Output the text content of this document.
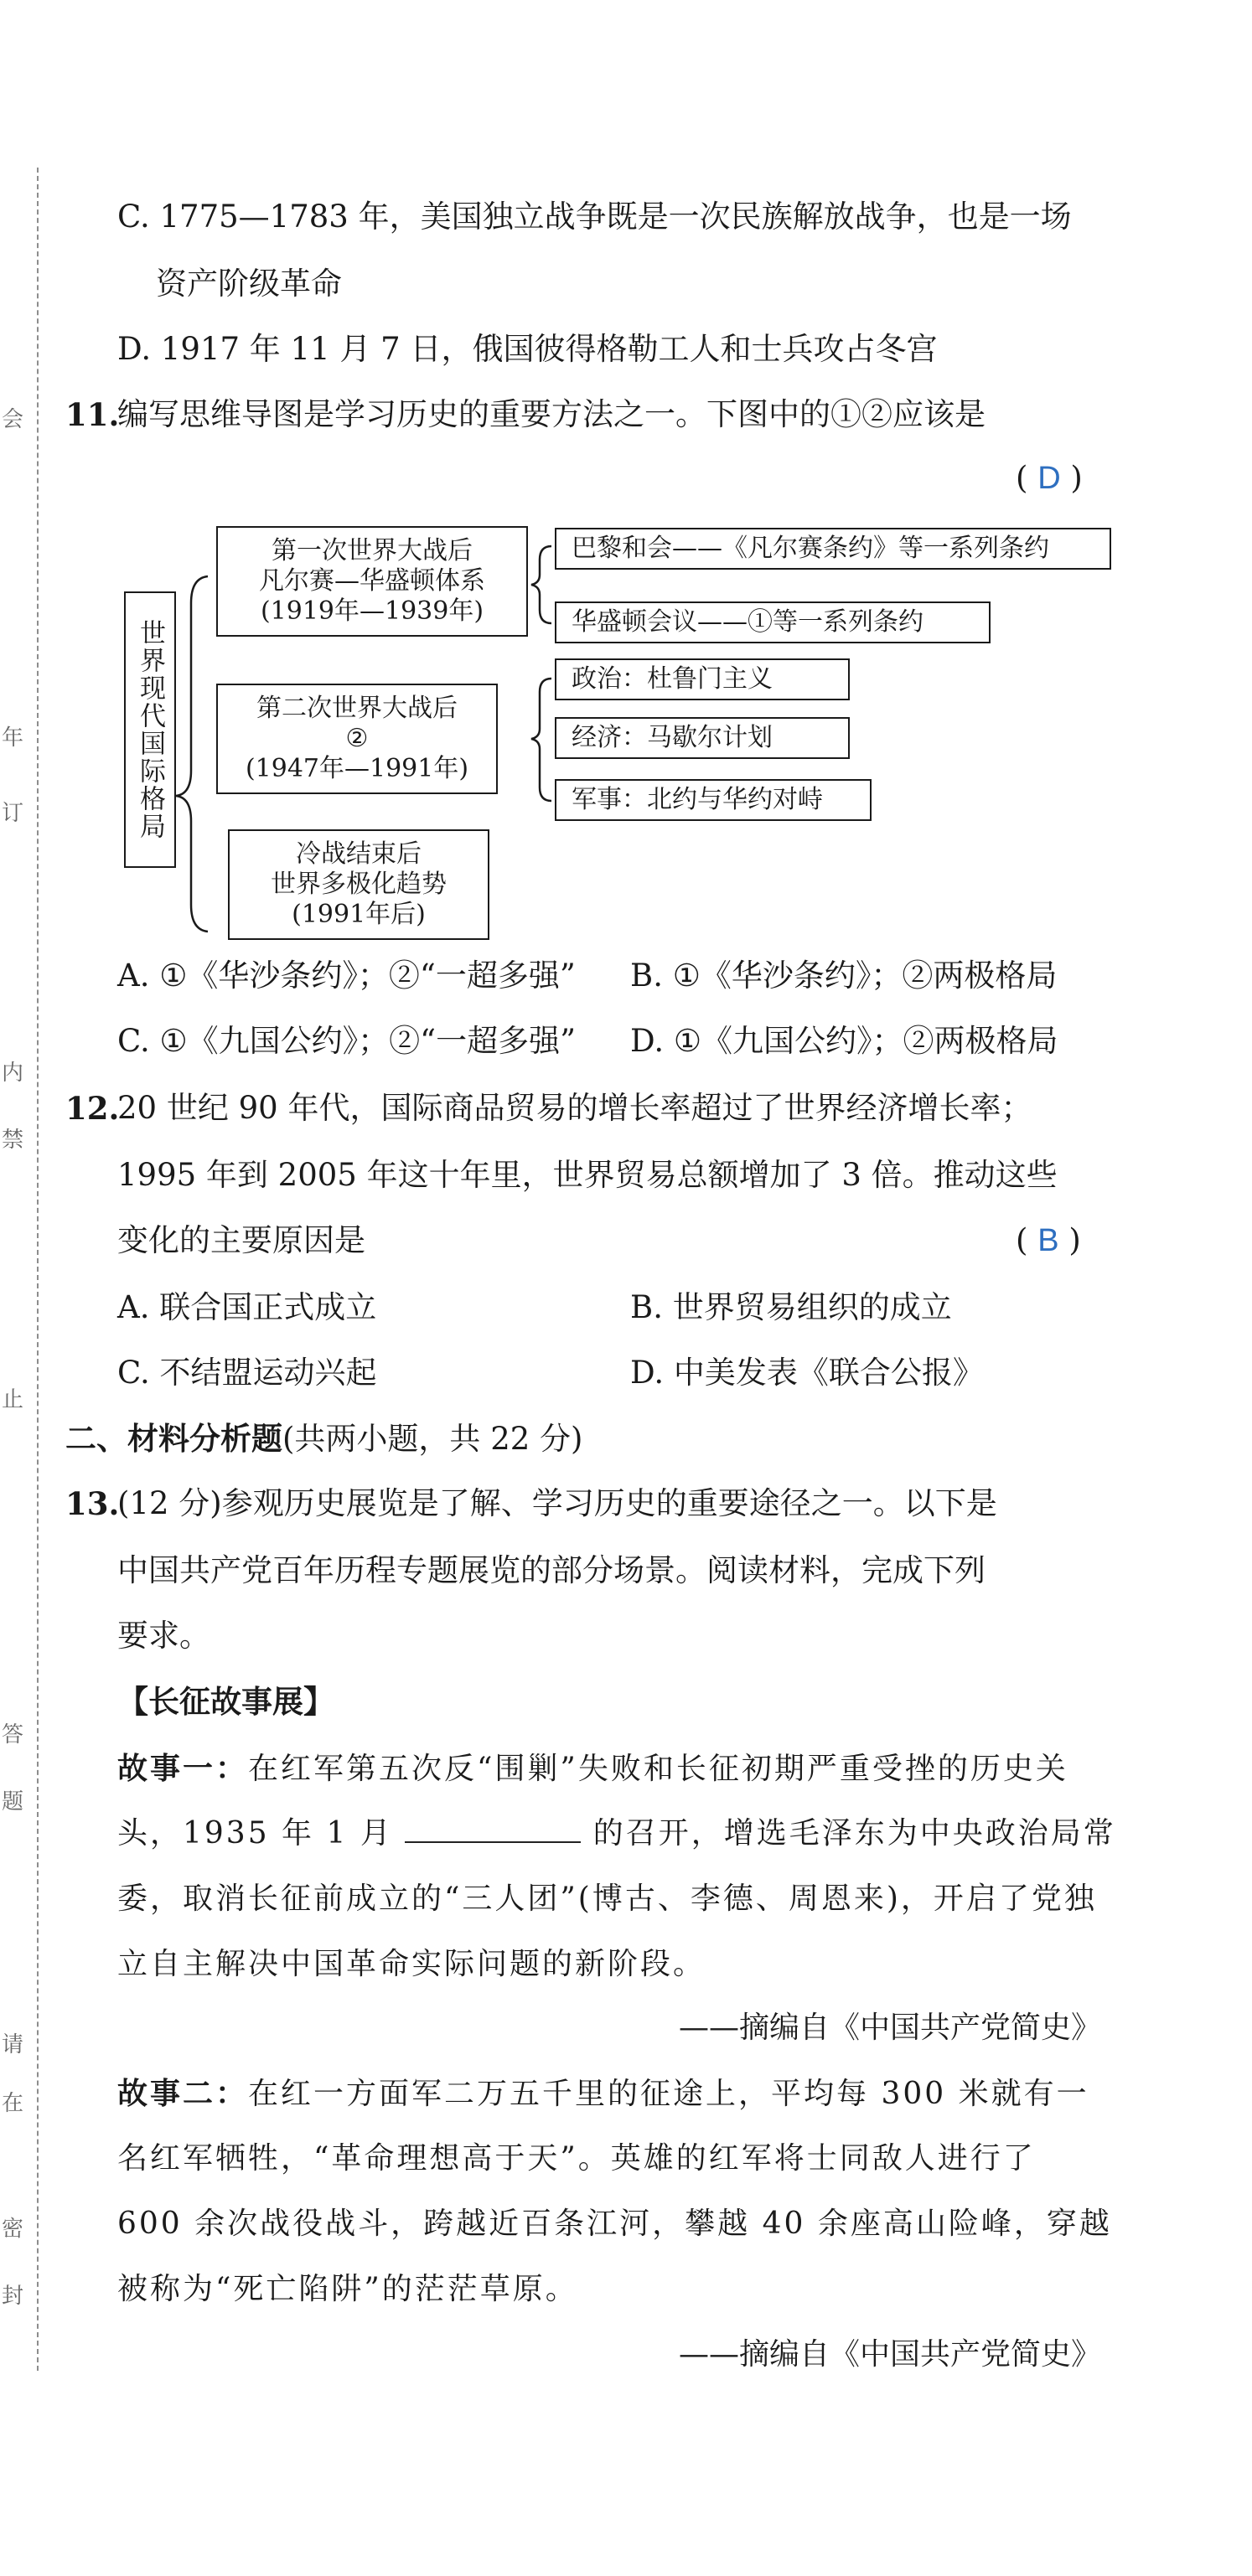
会
年
订
内
禁
止
答
题
请
在
密
封
C. 1775—1783 年，美国独立战争既是一次民族解放战争，也是一场
资产阶级革命
D. 1917 年 11 月 7 日，俄国彼得格勒工人和士兵攻占冬宫
11.
编写思维导图是学习历史的重要方法之一。下图中的①②应该是
( D )
世界现代国际格局
第一次世界大战后
凡尔赛—华盛顿体系
(1919年—1939年)
第二次世界大战后
②
(1947年—1991年)
冷战结束后
世界多极化趋势
(1991年后)
巴黎和会——《凡尔赛条约》等一系列条约
华盛顿会议——①等一系列条约
政治：杜鲁门主义
经济：马歇尔计划
军事：北约与华约对峙
A. ①《华沙条约》；②“一超多强” B. ①《华沙条约》；②两极格局
C. ①《九国公约》；②“一超多强” D. ①《九国公约》；②两极格局
12.
20 世纪 90 年代，国际商品贸易的增长率超过了世界经济增长率；
1995 年到 2005 年这十年里，世界贸易总额增加了 3 倍。推动这些
变化的主要原因是	( B )
A. 联合国正式成立	B. 世界贸易组织的成立
C. 不结盟运动兴起	D. 中美发表《联合公报》
二、材料分析题(共两小题，共 22 分)
13.
(12 分)参观历史展览是了解、学习历史的重要途径之一。以下是
中国共产党百年历程专题展览的部分场景。阅读材料，完成下列
要求。
【长征故事展】
故事一：在红军第五次反“围剿”失败和长征初期严重受挫的历史关
头，1935 年 1 月	的召开，增选毛泽东为中央政治局常
委，取消长征前成立的“三人团”(博古、李德、周恩来)，开启了党独
立自主解决中国革命实际问题的新阶段。
——摘编自《中国共产党简史》
故事二：在红一方面军二万五千里的征途上，平均每 300 米就有一
名红军牺牲，“革命理想高于天”。英雄的红军将士同敌人进行了
600 余次战役战斗，跨越近百条江河，攀越 40 余座高山险峰，穿越
被称为“死亡陷阱”的茫茫草原。
——摘编自《中国共产党简史》
